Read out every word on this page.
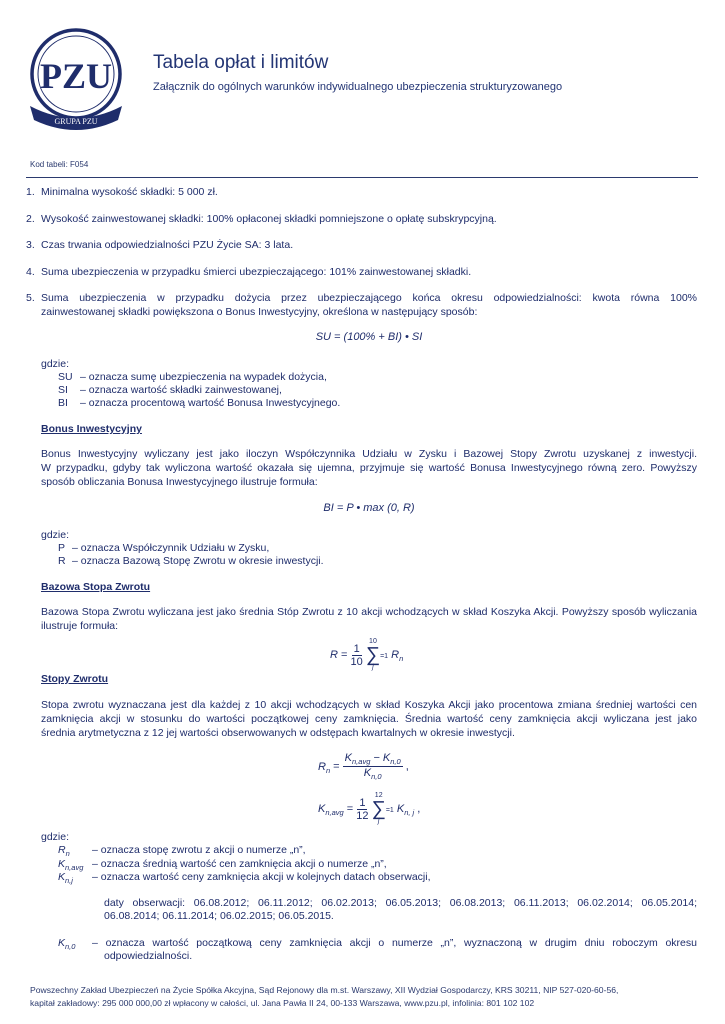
PZU
GRUPA PZU
Tabela opłat i limitów
Załącznik do ogólnych warunków indywidualnego ubezpieczenia strukturyzowanego
Kod tabeli: F054
1. Minimalna wysokość składki: 5 000 zł.
2. Wysokość zainwestowanej składki: 100% opłaconej składki pomniejszone o opłatę subskrypcyjną.
3. Czas trwania odpowiedzialności PZU Życie SA: 3 lata.
4. Suma ubezpieczenia w przypadku śmierci ubezpieczającego: 101% zainwestowanej składki.
5. Suma ubezpieczenia w przypadku dożycia przez ubezpieczającego końca okresu odpowiedzialności: kwota równa 100%
zainwestowanej składki powiększona o Bonus Inwestycyjny, określona w następujący sposób:
SU = (100% + BI) • SI
gdzie:
SU – oznacza sumę ubezpieczenia na wypadek dożycia,
SI – oznacza wartość składki zainwestowanej,
BI – oznacza procentową wartość Bonusa Inwestycyjnego.
Bonus Inwestycyjny
Bonus Inwestycyjny wyliczany jest jako iloczyn Współczynnika Udziału w Zysku i Bazowej Stopy Zwrotu uzyskanej z inwestycji.
W przypadku, gdyby tak wyliczona wartość okazała się ujemna, przyjmuje się wartość Bonusa Inwestycyjnego równą zero. Powyższy
sposób obliczania Bonusa Inwestycyjnego ilustruje formuła:
BI = P • max (0, R)
gdzie:
P – oznacza Współczynnik Udziału w Zysku,
R – oznacza Bazową Stopę Zwrotu w okresie inwestycji.
Bazowa Stopa Zwrotu
Bazowa Stopa Zwrotu wyliczana jest jako średnia Stóp Zwrotu z 10 akcji wchodzących w skład Koszyka Akcji. Powyższy sposób wyliczania
ilustruje formuła:
$R = \frac{1}{10}$

10
∑
j
=1 $R_n$
Stopy Zwrotu
Stopa zwrotu wyznaczana jest dla każdej z 10 akcji wchodzących w skład Koszyka Akcji jako procentowa zmiana średniej wartości cen
zamknięcia akcji w stosunku do wartości początkowej ceny zamknięcia. Średnia wartość ceny zamknięcia akcji wyliczana jest jako
średnia arytmetyczna z 12 jej wartości obserwowanych w odstępach kwartalnych w okresie inwestycji.
$R_n = \frac{K_{n,avg} - K_{n,0}}{K_{n,0}}$ ,
$K_{n,avg} = \frac{1}{12}$

12
∑
j
=1 $K_{n, j}$ ,
gdzie:
$R_n$ – oznacza stopę zwrotu z akcji o numerze „n”,
$K_{n,avg}$ – oznacza średnią wartość cen zamknięcia akcji o numerze „n”,
$K_{n,j}$ – oznacza wartość ceny zamknięcia akcji w kolejnych datach obserwacji,
daty obserwacji: 06.08.2012; 06.11.2012; 06.02.2013; 06.05.2013; 06.08.2013; 06.11.2013; 06.02.2014; 06.05.2014;
06.08.2014; 06.11.2014; 06.02.2015; 06.05.2015.
$K_{n,0}$ – oznacza wartość początkową ceny zamknięcia akcji o numerze „n”, wyznaczoną w drugim dniu roboczym okresu
odpowiedzialności.
Powszechny Zakład Ubezpieczeń na Życie Spółka Akcyjna, Sąd Rejonowy dla m.st. Warszawy, XII Wydział Gospodarczy, KRS 30211, NIP 527-020-60-56,
kapitał zakładowy: 295 000 000,00 zł wpłacony w całości, ul. Jana Pawła II 24, 00-133 Warszawa, www.pzu.pl, infolinia: 801 102 102
